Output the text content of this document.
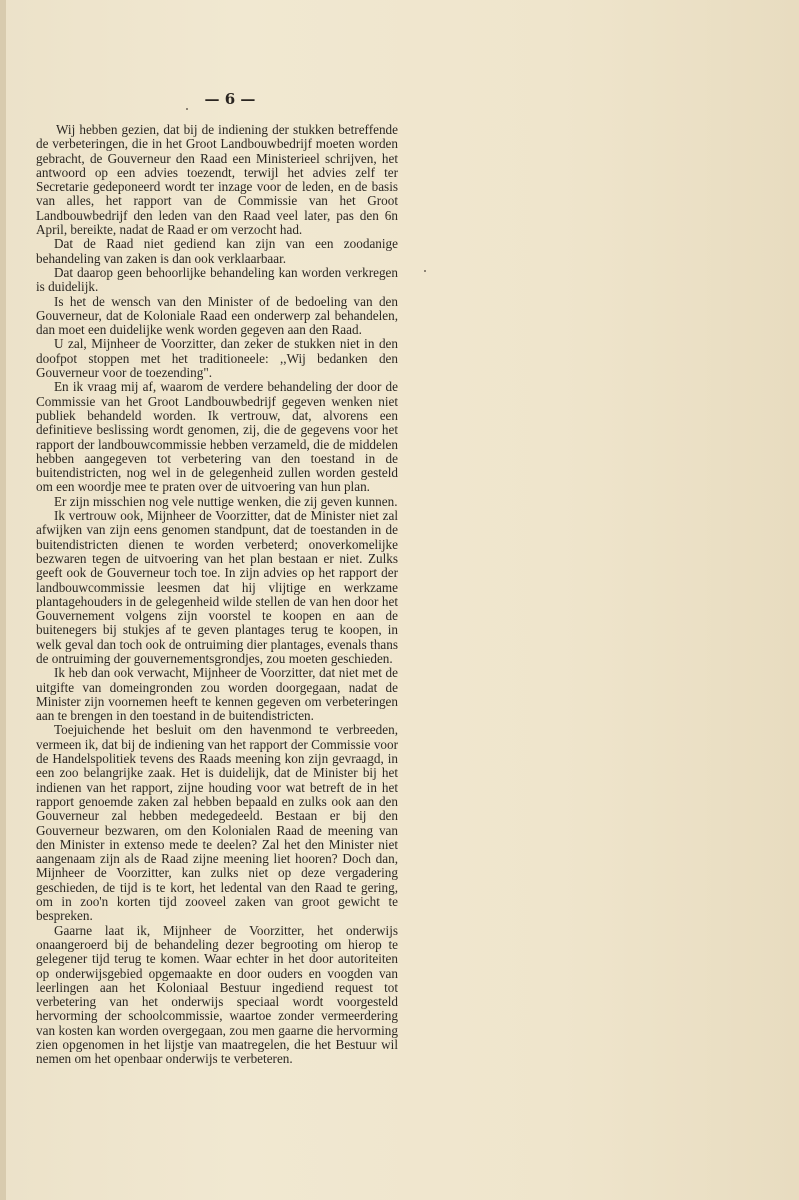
— 6 —

Wij hebben gezien, dat bij de indiening der stukken betreffende de verbeteringen, die in het Groot Landbouwbedrijf moeten worden gebracht, de Gouverneur den Raad een Ministerieel schrijven, het antwoord op een advies toezendt, terwijl het advies zelf ter Secretarie gedeponeerd wordt ter inzage voor de leden, en de basis van alles, het rapport van de Commissie van het Groot Landbouwbedrijf den leden van den Raad veel later, pas den 6n April, bereikte, nadat de Raad er om verzocht had.

Dat de Raad niet gediend kan zijn van een zoodanige behandeling van zaken is dan ook verklaarbaar.

Dat daarop geen behoorlijke behandeling kan worden verkregen is duidelijk.

Is het de wensch van den Minister of de bedoeling van den Gouverneur, dat de Koloniale Raad een onderwerp zal behandelen, dan moet een duidelijke wenk worden gegeven aan den Raad.

U zal, Mijnheer de Voorzitter, dan zeker de stukken niet in den doofpot stoppen met het traditioneele: ,,Wij bedanken den Gouverneur voor de toezending".

En ik vraag mij af, waarom de verdere behandeling der door de Commissie van het Groot Landbouwbedrijf gegeven wenken niet publiek behandeld worden. Ik vertrouw, dat, alvorens een definitieve beslissing wordt genomen, zij, die de gegevens voor het rapport der landbouwcommissie hebben verzameld, die de middelen hebben aangegeven tot verbetering van den toestand in de buitendistricten, nog wel in de gelegenheid zullen worden gesteld om een woordje mee te praten over de uitvoering van hun plan.

Er zijn misschien nog vele nuttige wenken, die zij geven kunnen.

Ik vertrouw ook, Mijnheer de Voorzitter, dat de Minister niet zal afwijken van zijn eens genomen standpunt, dat de toestanden in de buitendistricten dienen te worden verbeterd; onoverkomelijke bezwaren tegen de uitvoering van het plan bestaan er niet. Zulks geeft ook de Gouverneur toch toe. In zijn advies op het rapport der landbouwcommissie leesmen dat hij vlijtige en werkzame plantagehouders in de gelegenheid wilde stellen de van hen door het Gouvernement volgens zijn voorstel te koopen en aan de buitenegers bij stukjes af te geven plantages terug te koopen, in welk geval dan toch ook de ontruiming dier plantages, evenals thans de ontruiming der gouvernementsgrondjes, zou moeten geschieden.

Ik heb dan ook verwacht, Mijnheer de Voorzitter, dat niet met de uitgifte van domeingronden zou worden doorgegaan, nadat de Minister zijn voornemen heeft te kennen gegeven om verbeteringen aan te brengen in den toestand in de buitendistricten.

Toejuichende het besluit om den havenmond te verbreeden, vermeen ik, dat bij de indiening van het rapport der Commissie voor de Handelspolitiek tevens des Raads meening kon zijn gevraagd, in een zoo belangrijke zaak. Het is duidelijk, dat de Minister bij het indienen van het rapport, zijne houding voor wat betreft de in het rapport genoemde zaken zal hebben bepaald en zulks ook aan den Gouverneur zal hebben medegedeeld. Bestaan er bij den Gouverneur bezwaren, om den Kolonialen Raad de meening van den Minister in extenso mede te deelen? Zal het den Minister niet aangenaam zijn als de Raad zijne meening liet hooren? Doch dan, Mijnheer de Voorzitter, kan zulks niet op deze vergadering geschieden, de tijd is te kort, het ledental van den Raad te gering, om in zoo'n korten tijd zooveel zaken van groot gewicht te bespreken.

Gaarne laat ik, Mijnheer de Voorzitter, het onderwijs onaangeroerd bij de behandeling dezer begrooting om hierop te gelegener tijd terug te komen. Waar echter in het door autoriteiten op onderwijsgebied opgemaakte en door ouders en voogden van leerlingen aan het Koloniaal Bestuur ingediend request tot verbetering van het onderwijs speciaal wordt voorgesteld hervorming der schoolcommissie, waartoe zonder vermeerdering van kosten kan worden overgegaan, zou men gaarne die hervorming zien opgenomen in het lijstje van maatregelen, die het Bestuur wil nemen om het openbaar onderwijs te verbeteren.
